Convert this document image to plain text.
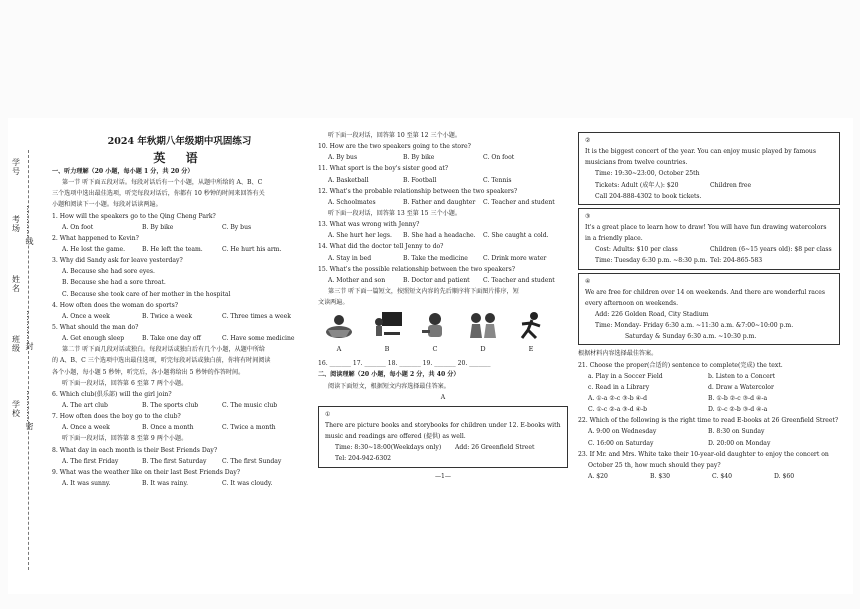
学号
考场
姓名
班级
学校
…………线
…………封
…………密
2024 年秋期八年级期中巩固练习
英 语
一、听力理解（20 小题，每小题 1 分，共 20 分）
第一节 听下面五段对话。每段对话后有一个小题，从题中所给的 A、B、C
三个选项中选出最佳选项，听完每段对话后，你都有 10 秒钟的时间来回答有关
小题和阅读下一小题。每段对话读两遍。
1. How will the speakers go to the Qing Cheng Park?
A. On foot	B. By bike	C. By bus
2. What happened to Kevin?
A. He lost the game.	B. He left the team.	C. He hurt his arm.
3. Why did Sandy ask for leave yesterday?
A. Because she had sore eyes.
B. Because she had a sore throat.
C. Because she took care of her mother in the hospital
4. How often does the woman do sports?
A. Once a week	B. Twice a week	C. Three times a week
5. What should the man do?
A. Get enough sleep	B. Take one day off	C. Have some medicine
第二节 听下面几段对话或独白。每段对话或独白后有几个小题，从题中所给
的 A、B、C 三个选项中选出最佳选项，听完每段对话或独白前，你将有时间阅读
各个小题，每小题 5 秒钟，听完后，各小题将给出 5 秒钟的作答时间。
听下面一段对话，回答第 6 至第 7 两个小题。
6. Which club(俱乐部) will the girl join?
A. The art club	B. The sports club	C. The music club
7. How often does the boy go to the club?
A. Once a week	B. Once a month	C. Twice a month
听下面一段对话，回答第 8 至第 9 两个小题。
8. What day in each month is their Best Friends Day?
A. The first Friday	B. The first Saturday	C. The first Sunday
9. What was the weather like on their last Best Friends Day?
A. It was sunny.	B. It was rainy.	C. It was cloudy.
听下面一段对话，回答第 10 至第 12 三个小题。
10. How are the two speakers going to the store?
A. By bus	B. By bike	C. On foot
11. What sport is the boy's sister good at?
A. Basketball	B. Football	C. Tennis
12. What's the probable relationship between the two speakers?
A. Schoolmates	B. Father and daughter C. Teacher and student
听下面一段对话，回答第 13 至第 15 三个小题。
13. What was wrong with Jenny?
A. She hurt her legs. B. She had a headache. C. She caught a cold.
14. What did the doctor tell Jenny to do?
A. Stay in bed	B. Take the medicine C. Drink more water
15. What's the possible relationship between the two speakers?
A. Mother and son	B. Doctor and patient C. Teacher and student
第三节 听下面一篇短文，按照短文内容的先后顺序将下面图片排序，短
文读两遍。
A	B	C	D	E
16. _______ 17. _______ 18. _______ 19. _______ 20. _______
二、阅读理解（20 小题，每小题 2 分，共 40 分）
阅读下面短文，根据短文内容选择最佳答案。
A
①
There are picture books and storybooks for children under 12. E-books with
music and readings are offered (提供) as well.
Time: 8:30~18:00(Weekdays only) Add: 26 Greenfield Street
Tel: 204-942-6302
—1—
②
It is the biggest concert of the year. You can enjoy music played by famous
musicians from twelve countries.
Time: 19:30~23:00, October 25th
Tickets: Adult (成年人): $20	Children free
Call 204-888-4302 to book tickets.
③
It's a great place to learn how to draw! You will have fun drawing watercolors
in a friendly place.
Cost: Adults: $10 per class	Children (6~15 years old): $8 per class
Time: Tuesday 6:30 p.m. ~8:30 p.m. Tel: 204-865-583
④
We are free for children over 14 on weekends. And there are wonderful races
every afternoon on weekends.
Add: 226 Golden Road, City Stadium
Time: Monday- Friday 6:30 a.m. ~11:30 a.m. &7:00~10:00 p.m.
Saturday & Sunday 6:30 a.m. ~10:30 p.m.
根据材料内容选择最佳答案。
21. Choose the proper(合适的) sentence to complete(完成) the text.
a. Play in a Soccer Field	b. Listen to a Concert
c. Read in a Library	d. Draw a Watercolor
A. ①-a ②-c ③-b ④-d	B. ①-b ②-c ③-d ④-a
C. ①-c ②-a ③-d ④-b	D. ①-c ②-b ③-d ④-a
22. Which of the following is the right time to read E-books at 26 Greenfield Street?
A. 9:00 on Wednesday	B. 8:30 on Sunday
C. 16:00 on Saturday	D. 20:00 on Monday
23. If Mr. and Mrs. White take their 10-year-old daughter to enjoy the concert on
October 25 th, how much should they pay?
A. $20	B. $30	C. $40	D. $60
